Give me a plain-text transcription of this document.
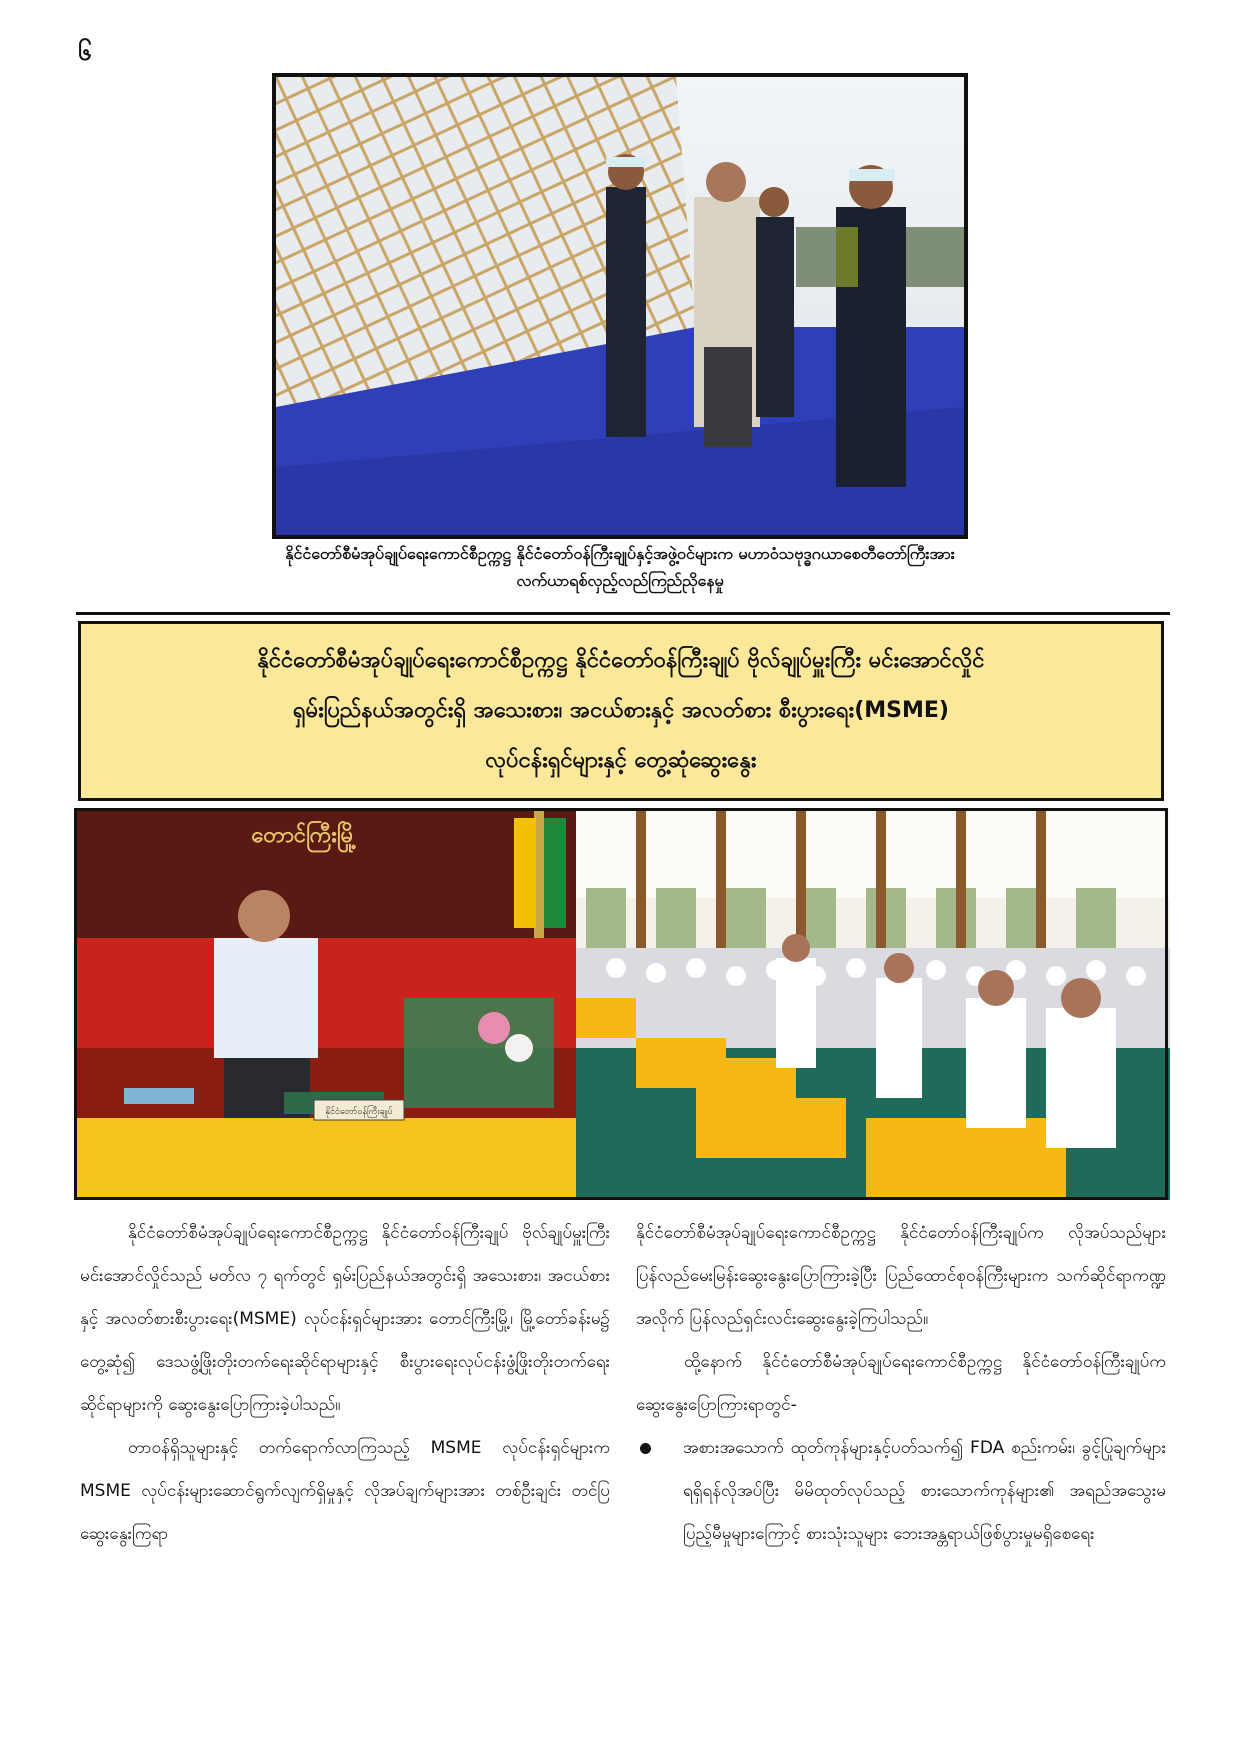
၆
နိုင်ငံတော်စီမံအုပ်ချုပ်ရေးကောင်စီဥက္ကဋ္ဌ နိုင်ငံတော်ဝန်ကြီးချုပ်နှင့်အဖွဲ့ဝင်များက မဟာဝံသဗုဒ္ဓဂယာစေတီတော်ကြီးအား
လက်ယာရစ်လှည့်လည်ကြည်ညိုနေမှု
နိုင်ငံတော်စီမံအုပ်ချုပ်ရေးကောင်စီဥက္ကဋ္ဌ နိုင်ငံတော်ဝန်ကြီးချုပ် ဗိုလ်ချုပ်မှူးကြီး မင်းအောင်လှိုင်
ရှမ်းပြည်နယ်အတွင်းရှိ အသေးစား၊ အငယ်စားနှင့် အလတ်စား စီးပွားရေး(MSME)
လုပ်ငန်းရှင်များနှင့် တွေ့ဆုံဆွေးနွေး
တောင်ကြီးမြို့
နိုင်ငံတော်ဝန်ကြီးချုပ်

နိုင်ငံတော်စီမံအုပ်ချုပ်ရေးကောင်စီဥက္ကဋ္ဌ နိုင်ငံတော်ဝန်ကြီးချုပ် ဗိုလ်ချုပ်မှူးကြီး မင်းအောင်လှိုင်သည် မတ်လ ၇ ရက်တွင် ရှမ်းပြည်နယ်အတွင်းရှိ အသေးစား၊ အငယ်စားနှင့် အလတ်စားစီးပွားရေး(MSME) လုပ်ငန်းရှင်များအား တောင်ကြီးမြို့၊ မြို့တော်ခန်းမ၌ တွေ့ဆုံ၍ ဒေသဖွံ့ဖြိုးတိုးတက်ရေးဆိုင်ရာများနှင့် စီးပွားရေးလုပ်ငန်းဖွံ့ဖြိုးတိုးတက်ရေးဆိုင်ရာများကို ဆွေးနွေးပြောကြားခဲ့ပါသည်။

တာဝန်ရှိသူများနှင့် တက်ရောက်လာကြသည့် MSME လုပ်ငန်းရှင်များက MSME လုပ်ငန်းများဆောင်ရွက်လျက်ရှိမှုနှင့် လိုအပ်ချက်များအား တစ်ဦးချင်း တင်ပြဆွေးနွေးကြရာ

နိုင်ငံတော်စီမံအုပ်ချုပ်ရေးကောင်စီဥက္ကဋ္ဌ နိုင်ငံတော်ဝန်ကြီးချုပ်က လိုအပ်သည်များ ပြန်လည်မေးမြန်းဆွေးနွေးပြောကြားခဲ့ပြီး ပြည်ထောင်စုဝန်ကြီးများက သက်ဆိုင်ရာကဏ္ဍအလိုက် ပြန်လည်ရှင်းလင်းဆွေးနွေးခဲ့ကြပါသည်။

ထို့နောက် နိုင်ငံတော်စီမံအုပ်ချုပ်ရေးကောင်စီဥက္ကဋ္ဌ နိုင်ငံတော်ဝန်ကြီးချုပ်က ဆွေးနွေးပြောကြားရာတွင်-

အစားအသောက် ထုတ်ကုန်များနှင့်ပတ်သက်၍ FDA စည်းကမ်း၊ ခွင့်ပြုချက်များ ရရှိရန်လိုအပ်ပြီး မိမိထုတ်လုပ်သည့် စားသောက်ကုန်များ၏ အရည်အသွေးမပြည့်မီမှုများကြောင့် စားသုံးသူများ ဘေးအန္တရာယ်ဖြစ်ပွားမှုမရှိစေရေး
